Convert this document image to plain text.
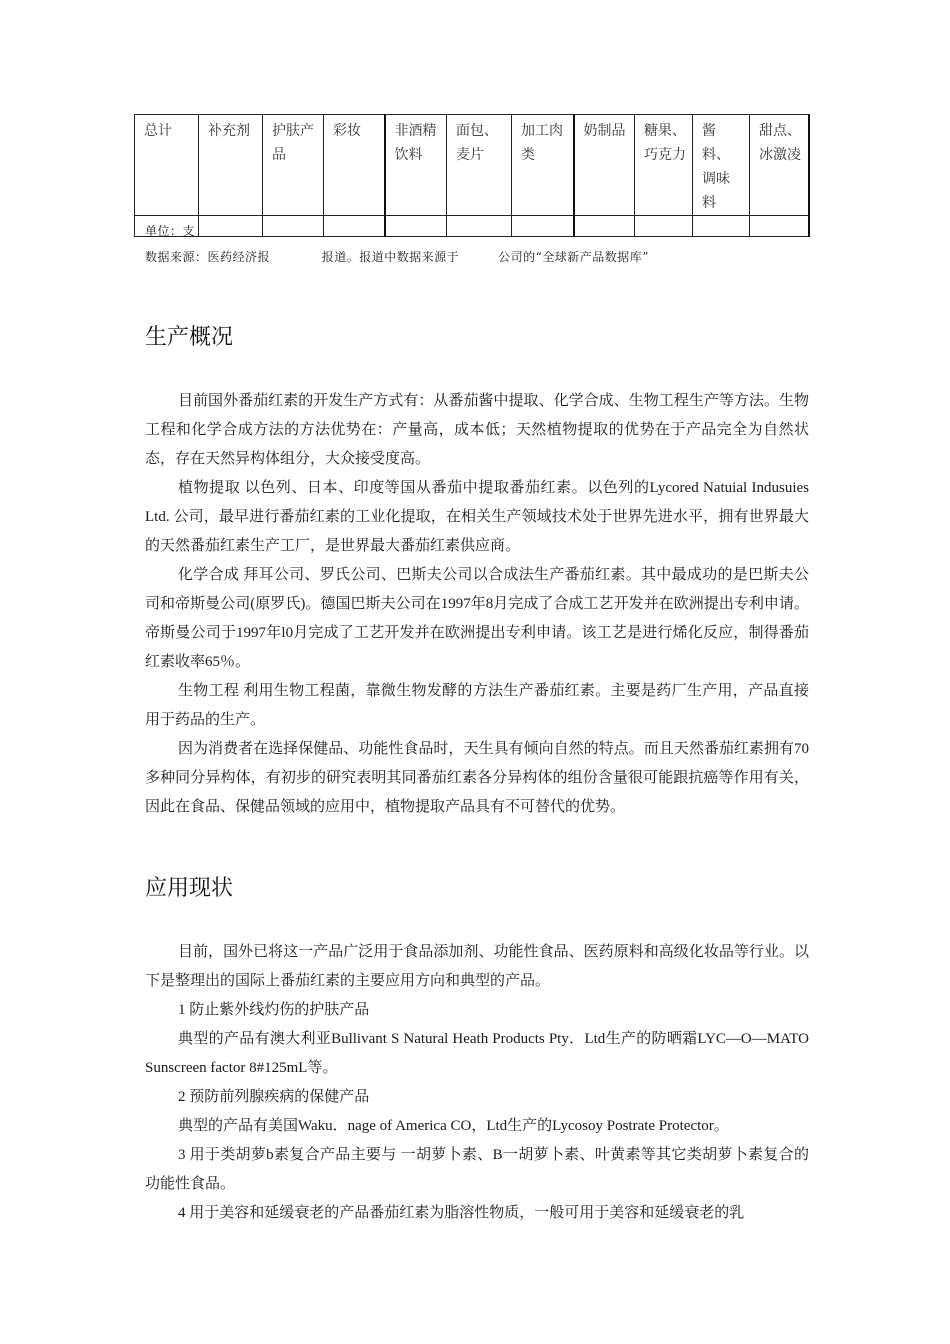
总计	补充剂	护肤产品	彩妆	非酒精饮料	面包、麦片	加工肉类	奶制品	糖果、巧克力	酱料、调味料	甜点、冰激凌

单位：支
数据来源：医药经济报            报道。报道中数据来源于         公司的“全球新产品数据库”
生产概况

目前国外番茄红素的开发生产方式有：从番茄酱中提取、化学合成、生物工程生产等方法。生物工程和化学合成方法的方法优势在：产量高，成本低；天然植物提取的优势在于产品完全为自然状态，存在天然异构体组分，大众接受度高。

植物提取 以色列、日本、印度等国从番茄中提取番茄红素。以色列的Lycored Natuial Indusuies Ltd. 公司，最早进行番茄红素的工业化提取，在相关生产领域技术处于世界先进水平，拥有世界最大的天然番茄红素生产工厂，是世界最大番茄红素供应商。

化学合成 拜耳公司、罗氏公司、巴斯夫公司以合成法生产番茄红素。其中最成功的是巴斯夫公司和帝斯曼公司(原罗氏)。德国巴斯夫公司在1997年8月完成了合成工艺开发并在欧洲提出专利申请。帝斯曼公司于1997年l0月完成了工艺开发并在欧洲提出专利申请。该工艺是进行烯化反应，制得番茄红素收率65％。

生物工程 利用生物工程菌，靠微生物发酵的方法生产番茄红素。主要是药厂生产用，产品直接用于药品的生产。

因为消费者在选择保健品、功能性食品时，天生具有倾向自然的特点。而且天然番茄红素拥有70多种同分异构体，有初步的研究表明其同番茄红素各分异构体的组份含量很可能跟抗癌等作用有关，因此在食品、保健品领域的应用中，植物提取产品具有不可替代的优势。

应用现状

目前，国外已将这一产品广泛用于食品添加剂、功能性食品、医药原料和高级化妆品等行业。以下是整理出的国际上番茄红素的主要应用方向和典型的产品。

1 防止紫外线灼伤的护肤产品

典型的产品有澳大利亚Bullivant S Natural Heath Products Pty．Ltd生产的防晒霜LYC—O—MATO Sunscreen factor 8#125mL等。

2 预防前列腺疾病的保健产品

典型的产品有美国Waku．nage of America CO，Ltd生产的Lycosoy Postrate Protector。

3 用于类胡萝b素复合产品主要与 一胡萝卜素、B一胡萝卜素、叶黄素等其它类胡萝卜素复合的功能性食品。

4 用于美容和延缓衰老的产品番茄红素为脂溶性物质，一般可用于美容和延缓衰老的乳
